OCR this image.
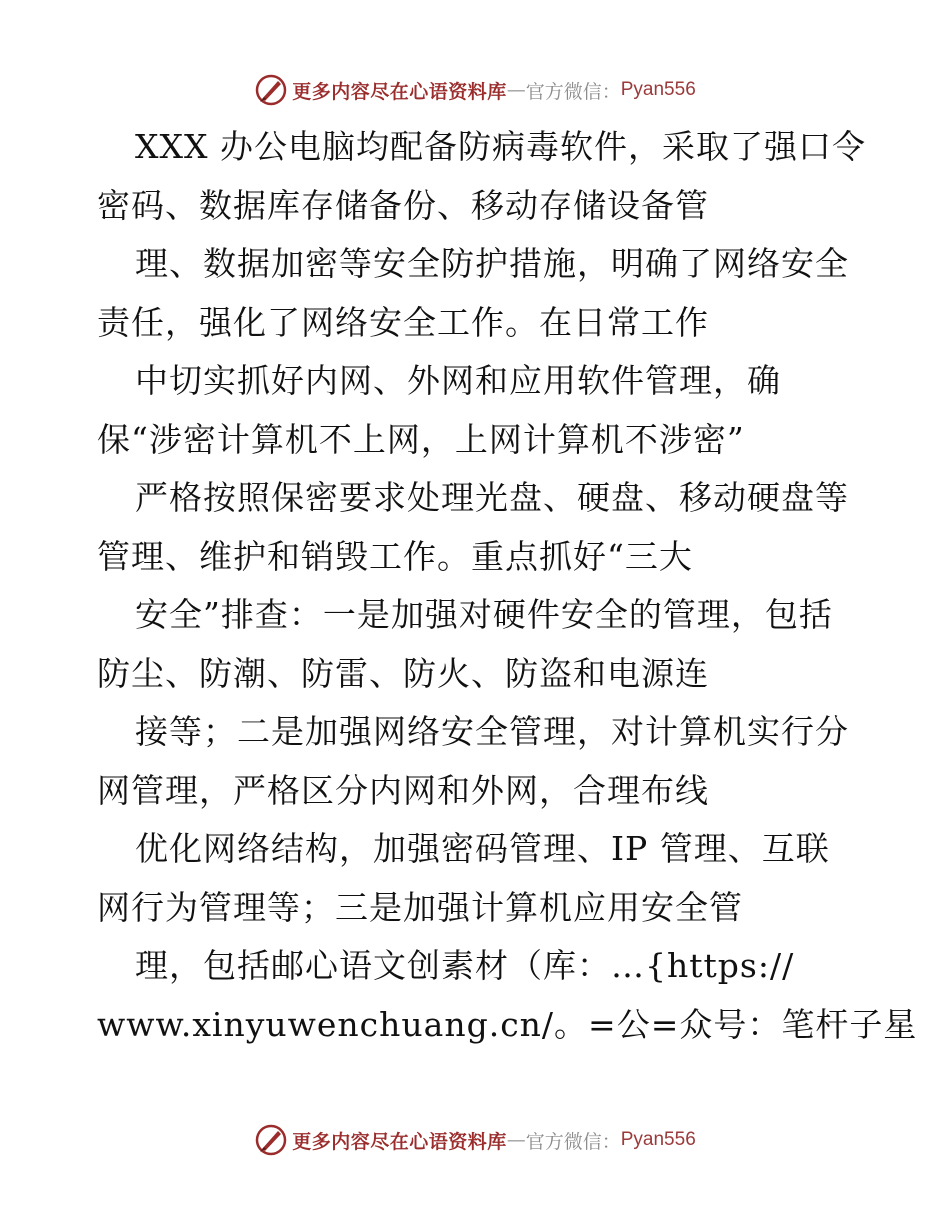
更多内容尽在心语资料库 — 官方微信： Pyan556
XXX 办公电脑均配备防病毒软件，采取了强口令
密码、数据库存储备份、移动存储设备管
理、数据加密等安全防护措施，明确了网络安全
责任，强化了网络安全工作。在日常工作
中切实抓好内网、外网和应用软件管理，确
保“涉密计算机不上网，上网计算机不涉密”
严格按照保密要求处理光盘、硬盘、移动硬盘等
管理、维护和销毁工作。重点抓好“三大
安全”排查：一是加强对硬件安全的管理，包括
防尘、防潮、防雷、防火、防盗和电源连
接等；二是加强网络安全管理，对计算机实行分
网管理，严格区分内网和外网，合理布线
优化网络结构，加强密码管理、IP 管理、互联
网行为管理等；三是加强计算机应用安全管
理，包括邮心语文创素材（库：…{https://
www.xinyuwenchuang.cn/。=公=众号：笔杆子星
更多内容尽在心语资料库 — 官方微信： Pyan556
